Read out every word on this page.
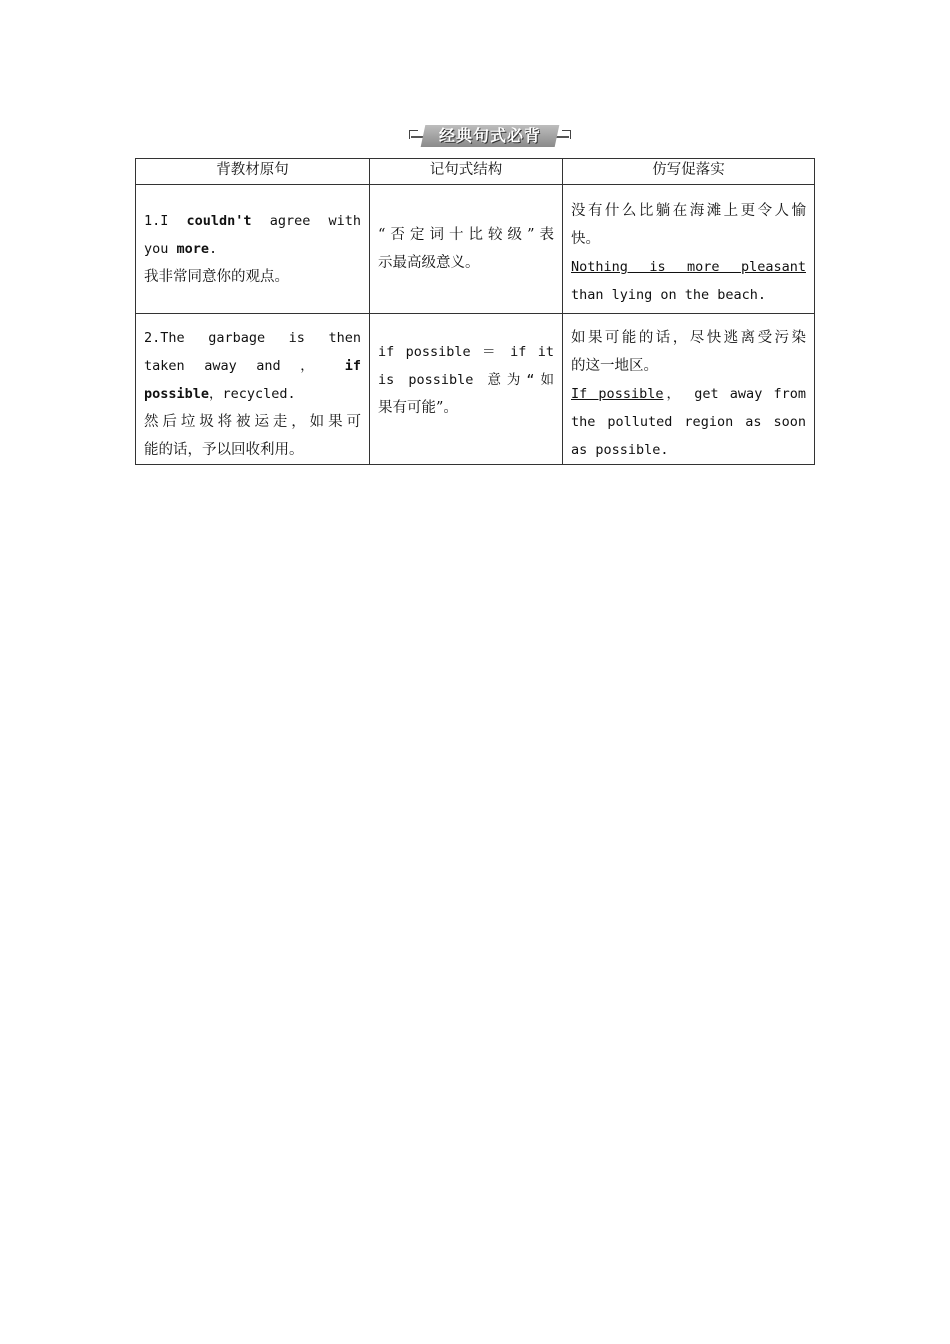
经典句式必背
背教材原句	记句式结构	仿写促落实

1.I couldn't agree with
you more.
我非常同意你的观点。	“否定词十比较级”表
示最高级意义。	没有什么比躺在海滩上更令人愉
快。
Nothing is more pleasant
than lying on the beach.

2.The garbage is then
taken away and ， if
possible，recycled.
然后垃圾将被运走，如果可
能的话，予以回收利用。	if possible ＝ if it
is possible 意为“如
果有可能”。	如果可能的话，尽快逃离受污染
的这一地区。
If possible， get away from
the polluted region as soon
as possible.
